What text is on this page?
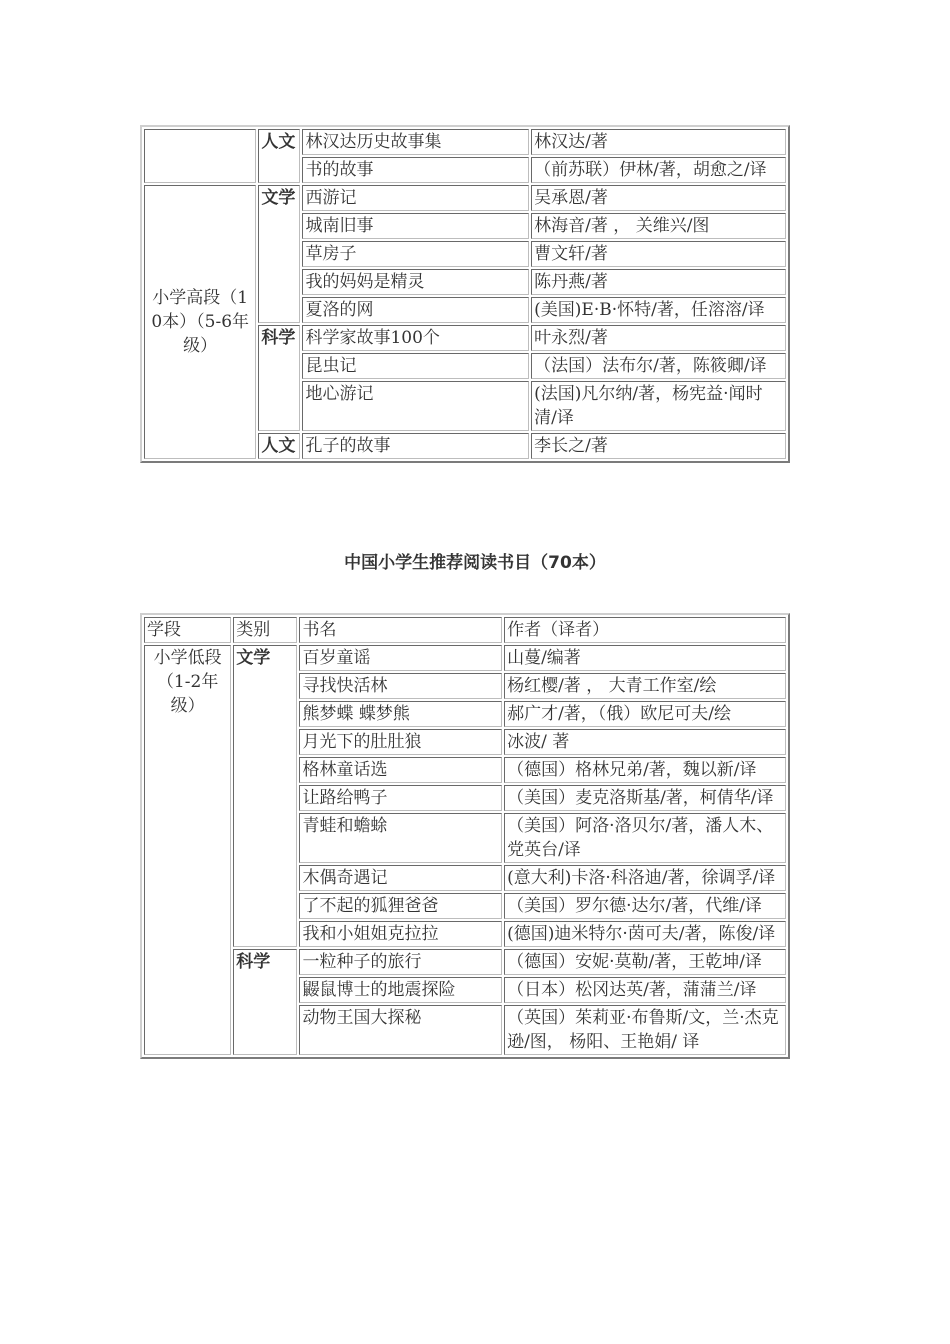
	人文	林汉达历史故事集	林汉达/著
		书的故事	（前苏联）伊林/著，胡愈之/译
小学高段（10本）（5-6年级）	文学	西游记	吴承恩/著
		城南旧事	林海音/著 ， 关维兴/图
		草房子	曹文轩/著
		我的妈妈是精灵	陈丹燕/著
		夏洛的网	(美国)E·B·怀特/著，任溶溶/译
	科学	科学家故事100个	叶永烈/著
		昆虫记	（法国）法布尔/著，陈筱卿/译
		地心游记	(法国)凡尔纳/著，杨宪益·闻时清/译
	人文	孔子的故事	李长之/著
中国小学生推荐阅读书目（70本）
学段	类别	书名	作者（译者）
小学低段（1-2年级）	文学	百岁童谣	山蔓/编著
		寻找快活林	杨红樱/著 ， 大青工作室/绘
		熊梦蝶 蝶梦熊	郝广才/著，（俄）欧尼可夫/绘
		月光下的肚肚狼	冰波/ 著
		格林童话选	（德国）格林兄弟/著，魏以新/译
		让路给鸭子	（美国）麦克洛斯基/著，柯倩华/译
		青蛙和蟾蜍	（美国）阿洛·洛贝尔/著，潘人木、党英台/译
		木偶奇遇记	(意大利)卡洛·科洛迪/著，徐调孚/译
		了不起的狐狸爸爸	（美国）罗尔德·达尔/著，代维/译
		我和小姐姐克拉拉	(德国)迪米特尔·茵可夫/著，陈俊/译
	科学	一粒种子的旅行	（德国）安妮·莫勒/著，王乾坤/译
		鼹鼠博士的地震探险	（日本）松冈达英/著，蒲蒲兰/译
		动物王国大探秘	（英国）茱莉亚·布鲁斯/文，兰·杰克逊/图， 杨阳、王艳娟/ 译
